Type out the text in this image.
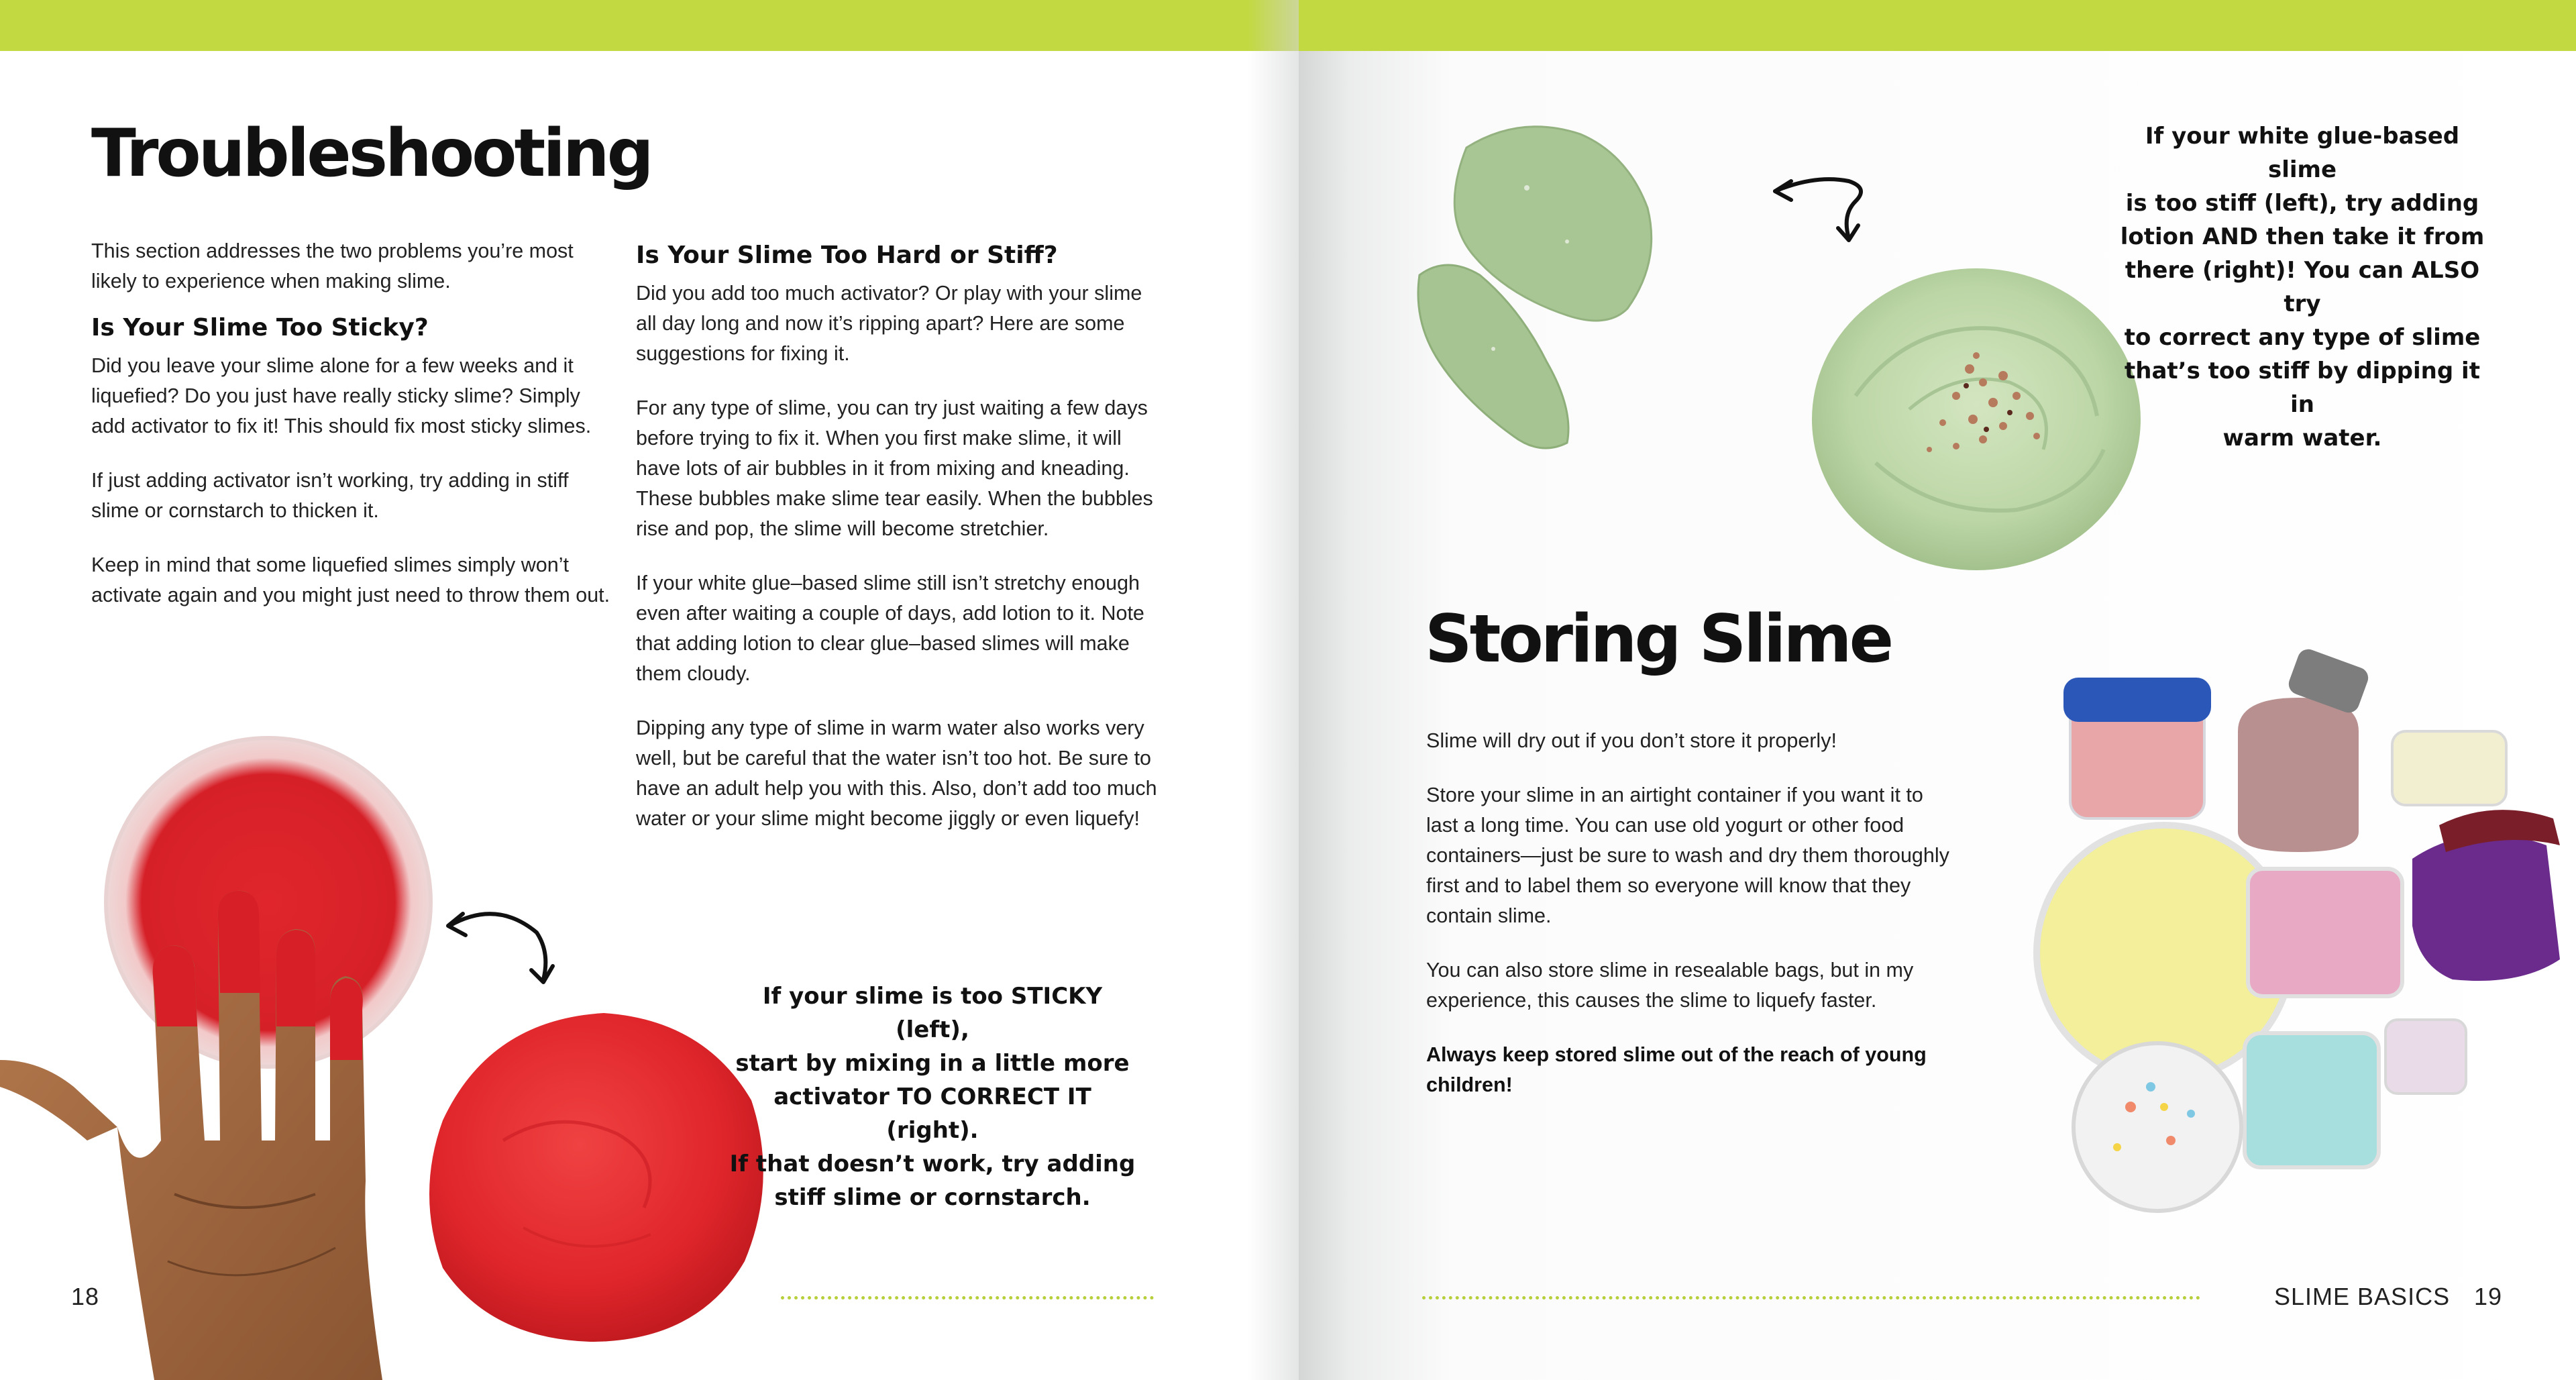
Troubleshooting

This section addresses the two problems you’re most likely to experience when making slime.

Is Your Slime Too Sticky?

Did you leave your slime alone for a few weeks and it liquefied? Do you just have really sticky slime? Simply add activator to fix it! This should fix most sticky slimes.

If just adding activator isn’t working, try adding in stiff slime or cornstarch to thicken it.

Keep in mind that some liquefied slimes simply won’t activate again and you might just need to throw them out.

Is Your Slime Too Hard or Stiff?

Did you add too much activator? Or play with your slime all day long and now it’s ripping apart? Here are some suggestions for fixing it.

For any type of slime, you can try just waiting a few days before trying to fix it. When you first make slime, it will have lots of air bubbles in it from mixing and kneading. These bubbles make slime tear easily. When the bubbles rise and pop, the slime will become stretchier.

If your white glue–based slime still isn’t stretchy enough even after waiting a couple of days, add lotion to it. Note that adding lotion to clear glue–based slimes will make them cloudy.

Dipping any type of slime in warm water also works very well, but be careful that the water isn’t too hot. Be sure to have an adult help you with this. Also, don’t add too much water or your slime might become jiggly or even liquefy!

If your slime is too STICKY (left),
start by mixing in a little more
activator TO CORRECT IT (right).
If that doesn’t work, try adding
stiff slime or cornstarch.
18
If your white glue-based slime
is too stiff (left), try adding
lotion AND then take it from
there (right)! You can ALSO try
to correct any type of slime
that’s too stiff by dipping it in
warm water.
Storing Slime

Slime will dry out if you don’t store it properly!

Store your slime in an airtight container if you want it to last a long time. You can use old yogurt or other food containers—just be sure to wash and dry them thoroughly first and to label them so everyone will know that they contain slime.

You can also store slime in resealable bags, but in my experience, this causes the slime to liquefy faster.

Always keep stored slime out of the reach of young children!

SLIME BASICS 19
